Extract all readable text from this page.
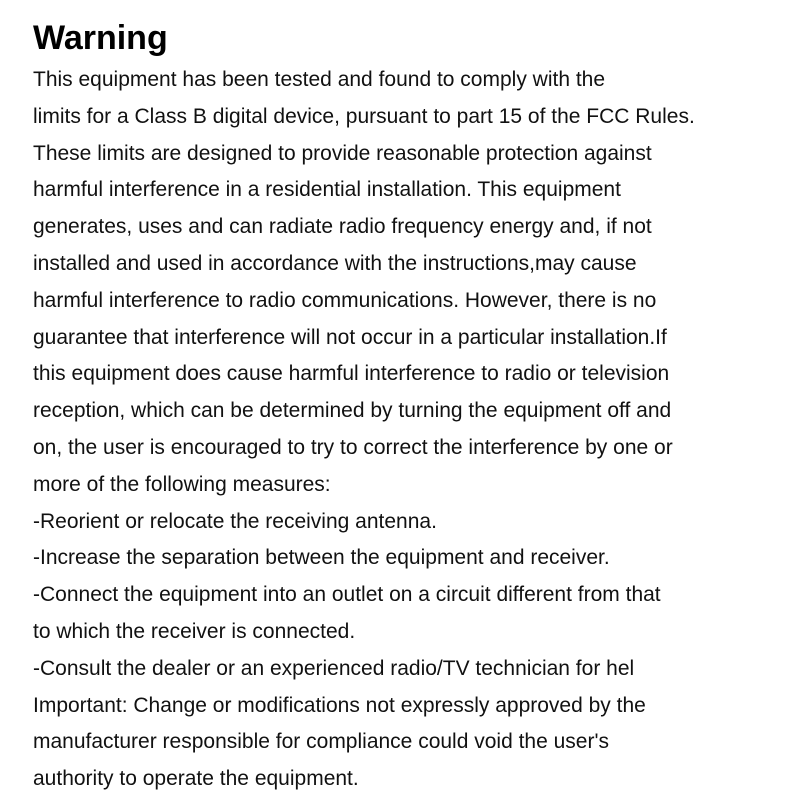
Warning
This equipment has been tested and found to comply with the
limits for a Class B digital device, pursuant to part 15 of the FCC Rules.
These limits are designed to provide reasonable protection against
harmful interference in a residential installation. This equipment
generates, uses and can radiate radio frequency energy and, if not
installed and used in accordance with the instructions,may cause
harmful interference to radio communications. However, there is no
guarantee that interference will not occur in a particular installation.If
this equipment does cause harmful interference to radio or television
reception, which can be determined by turning the equipment off and
on, the user is encouraged to try to correct the interference by one or
more of the following measures:
-Reorient or relocate the receiving antenna.
-Increase the separation between the equipment and receiver.
-Connect the equipment into an outlet on a circuit different from that
to which the receiver is connected.
-Consult the dealer or an experienced radio/TV technician for hel
Important: Change or modifications not expressly approved by the
manufacturer responsible for compliance could void the user's
authority to operate the equipment.
